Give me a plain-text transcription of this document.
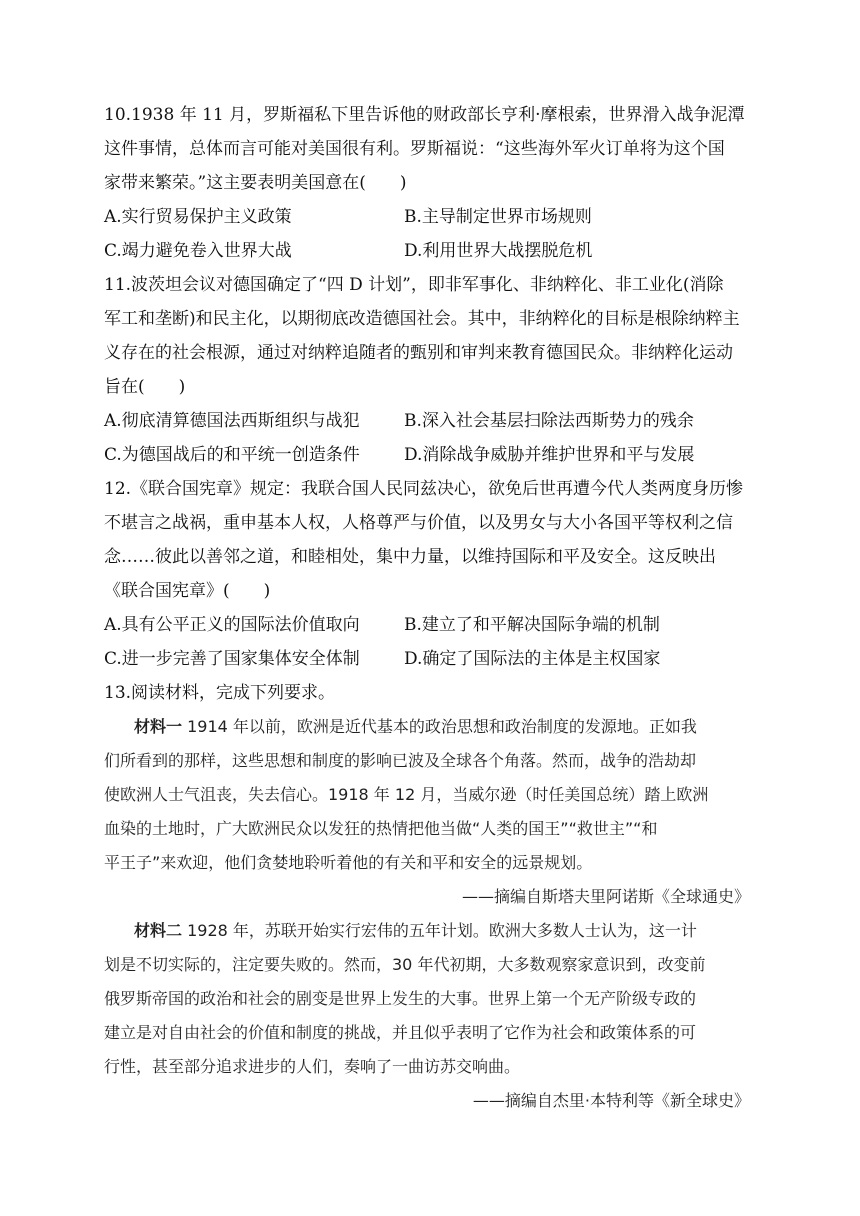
10.1938 年 11 月，罗斯福私下里告诉他的财政部长亨利·摩根索，世界滑入战争泥潭
这件事情，总体而言可能对美国很有利。罗斯福说：“这些海外军火订单将为这个国
家带来繁荣。”这主要表明美国意在(　　)
A.实行贸易保护主义政策	B.主导制定世界市场规则
C.竭力避免卷入世界大战	D.利用世界大战摆脱危机
11.波茨坦会议对德国确定了“四 D 计划”，即非军事化、非纳粹化、非工业化(消除
军工和垄断)和民主化，以期彻底改造德国社会。其中，非纳粹化的目标是根除纳粹主
义存在的社会根源，通过对纳粹追随者的甄别和审判来教育德国民众。非纳粹化运动
旨在(　　)
A.彻底清算德国法西斯组织与战犯	B.深入社会基层扫除法西斯势力的残余
C.为德国战后的和平统一创造条件	D.消除战争威胁并维护世界和平与发展
12.《联合国宪章》规定：我联合国人民同兹决心，欲免后世再遭今代人类两度身历惨
不堪言之战祸，重申基本人权，人格尊严与价值，以及男女与大小各国平等权利之信
念……彼此以善邻之道，和睦相处，集中力量，以维持国际和平及安全。这反映出
《联合国宪章》(　　)
A.具有公平正义的国际法价值取向	B.建立了和平解决国际争端的机制
C.进一步完善了国家集体安全体制	D.确定了国际法的主体是主权国家
13.阅读材料，完成下列要求。
材料一 1914 年以前，欧洲是近代基本的政治思想和政治制度的发源地。正如我
们所看到的那样，这些思想和制度的影响已波及全球各个角落。然而，战争的浩劫却
使欧洲人士气沮丧，失去信心。1918 年 12 月，当威尔逊（时任美国总统）踏上欧洲
血染的土地时，广大欧洲民众以发狂的热情把他当做“人类的国王”“救世主”“和
平王子”来欢迎，他们贪婪地聆听着他的有关和平和安全的远景规划。
——摘编自斯塔夫里阿诺斯《全球通史》
材料二 1928 年，苏联开始实行宏伟的五年计划。欧洲大多数人士认为，这一计
划是不切实际的，注定要失败的。然而，30 年代初期，大多数观察家意识到，改变前
俄罗斯帝国的政治和社会的剧变是世界上发生的大事。世界上第一个无产阶级专政的
建立是对自由社会的价值和制度的挑战，并且似乎表明了它作为社会和政策体系的可
行性，甚至部分追求进步的人们，奏响了一曲访苏交响曲。
——摘编自杰里·本特利等《新全球史》
